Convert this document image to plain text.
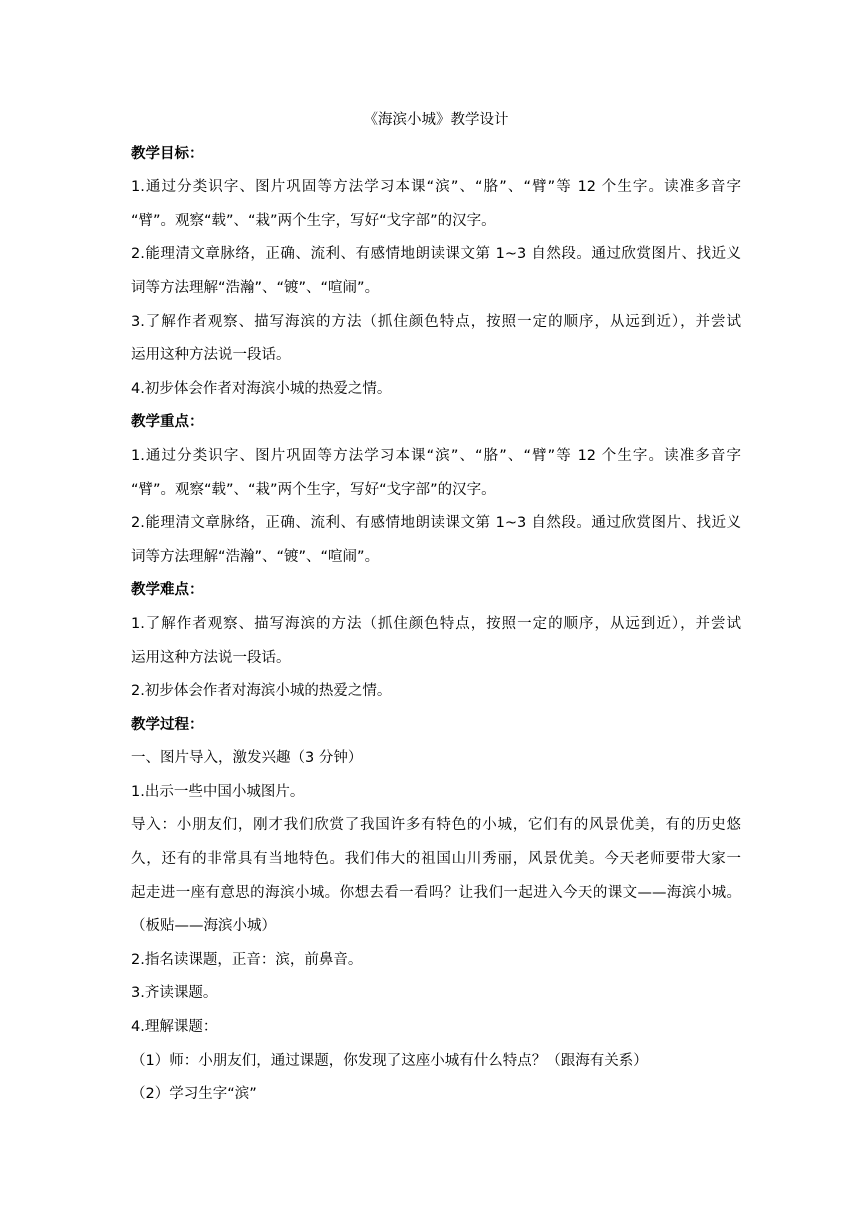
《海滨小城》教学设计
教学目标：
1.通过分类识字、图片巩固等方法学习本课“滨”、“胳”、“臂”等 12 个生字。读准多音字
“臂”。观察“载”、“栽”两个生字，写好“戈字部”的汉字。
2.能理清文章脉络，正确、流利、有感情地朗读课文第 1~3 自然段。通过欣赏图片、找近义
词等方法理解“浩瀚”、“镀”、“喧闹”。
3.了解作者观察、描写海滨的方法（抓住颜色特点，按照一定的顺序，从远到近），并尝试
运用这种方法说一段话。
4.初步体会作者对海滨小城的热爱之情。
教学重点：
1.通过分类识字、图片巩固等方法学习本课“滨”、“胳”、“臂”等 12 个生字。读准多音字
“臂”。观察“载”、“栽”两个生字，写好“戈字部”的汉字。
2.能理清文章脉络，正确、流利、有感情地朗读课文第 1~3 自然段。通过欣赏图片、找近义
词等方法理解“浩瀚”、“镀”、“喧闹”。
教学难点：
1.了解作者观察、描写海滨的方法（抓住颜色特点，按照一定的顺序，从远到近），并尝试
运用这种方法说一段话。
2.初步体会作者对海滨小城的热爱之情。
教学过程：
一、图片导入，激发兴趣（3 分钟）
1.出示一些中国小城图片。
导入：小朋友们，刚才我们欣赏了我国许多有特色的小城，它们有的风景优美，有的历史悠
久，还有的非常具有当地特色。我们伟大的祖国山川秀丽，风景优美。今天老师要带大家一
起走进一座有意思的海滨小城。你想去看一看吗？让我们一起进入今天的课文——海滨小城。
（板贴——海滨小城）
2.指名读课题，正音：滨，前鼻音。
3.齐读课题。
4.理解课题：
（1）师：小朋友们，通过课题，你发现了这座小城有什么特点？（跟海有关系）
（2）学习生字“滨”
